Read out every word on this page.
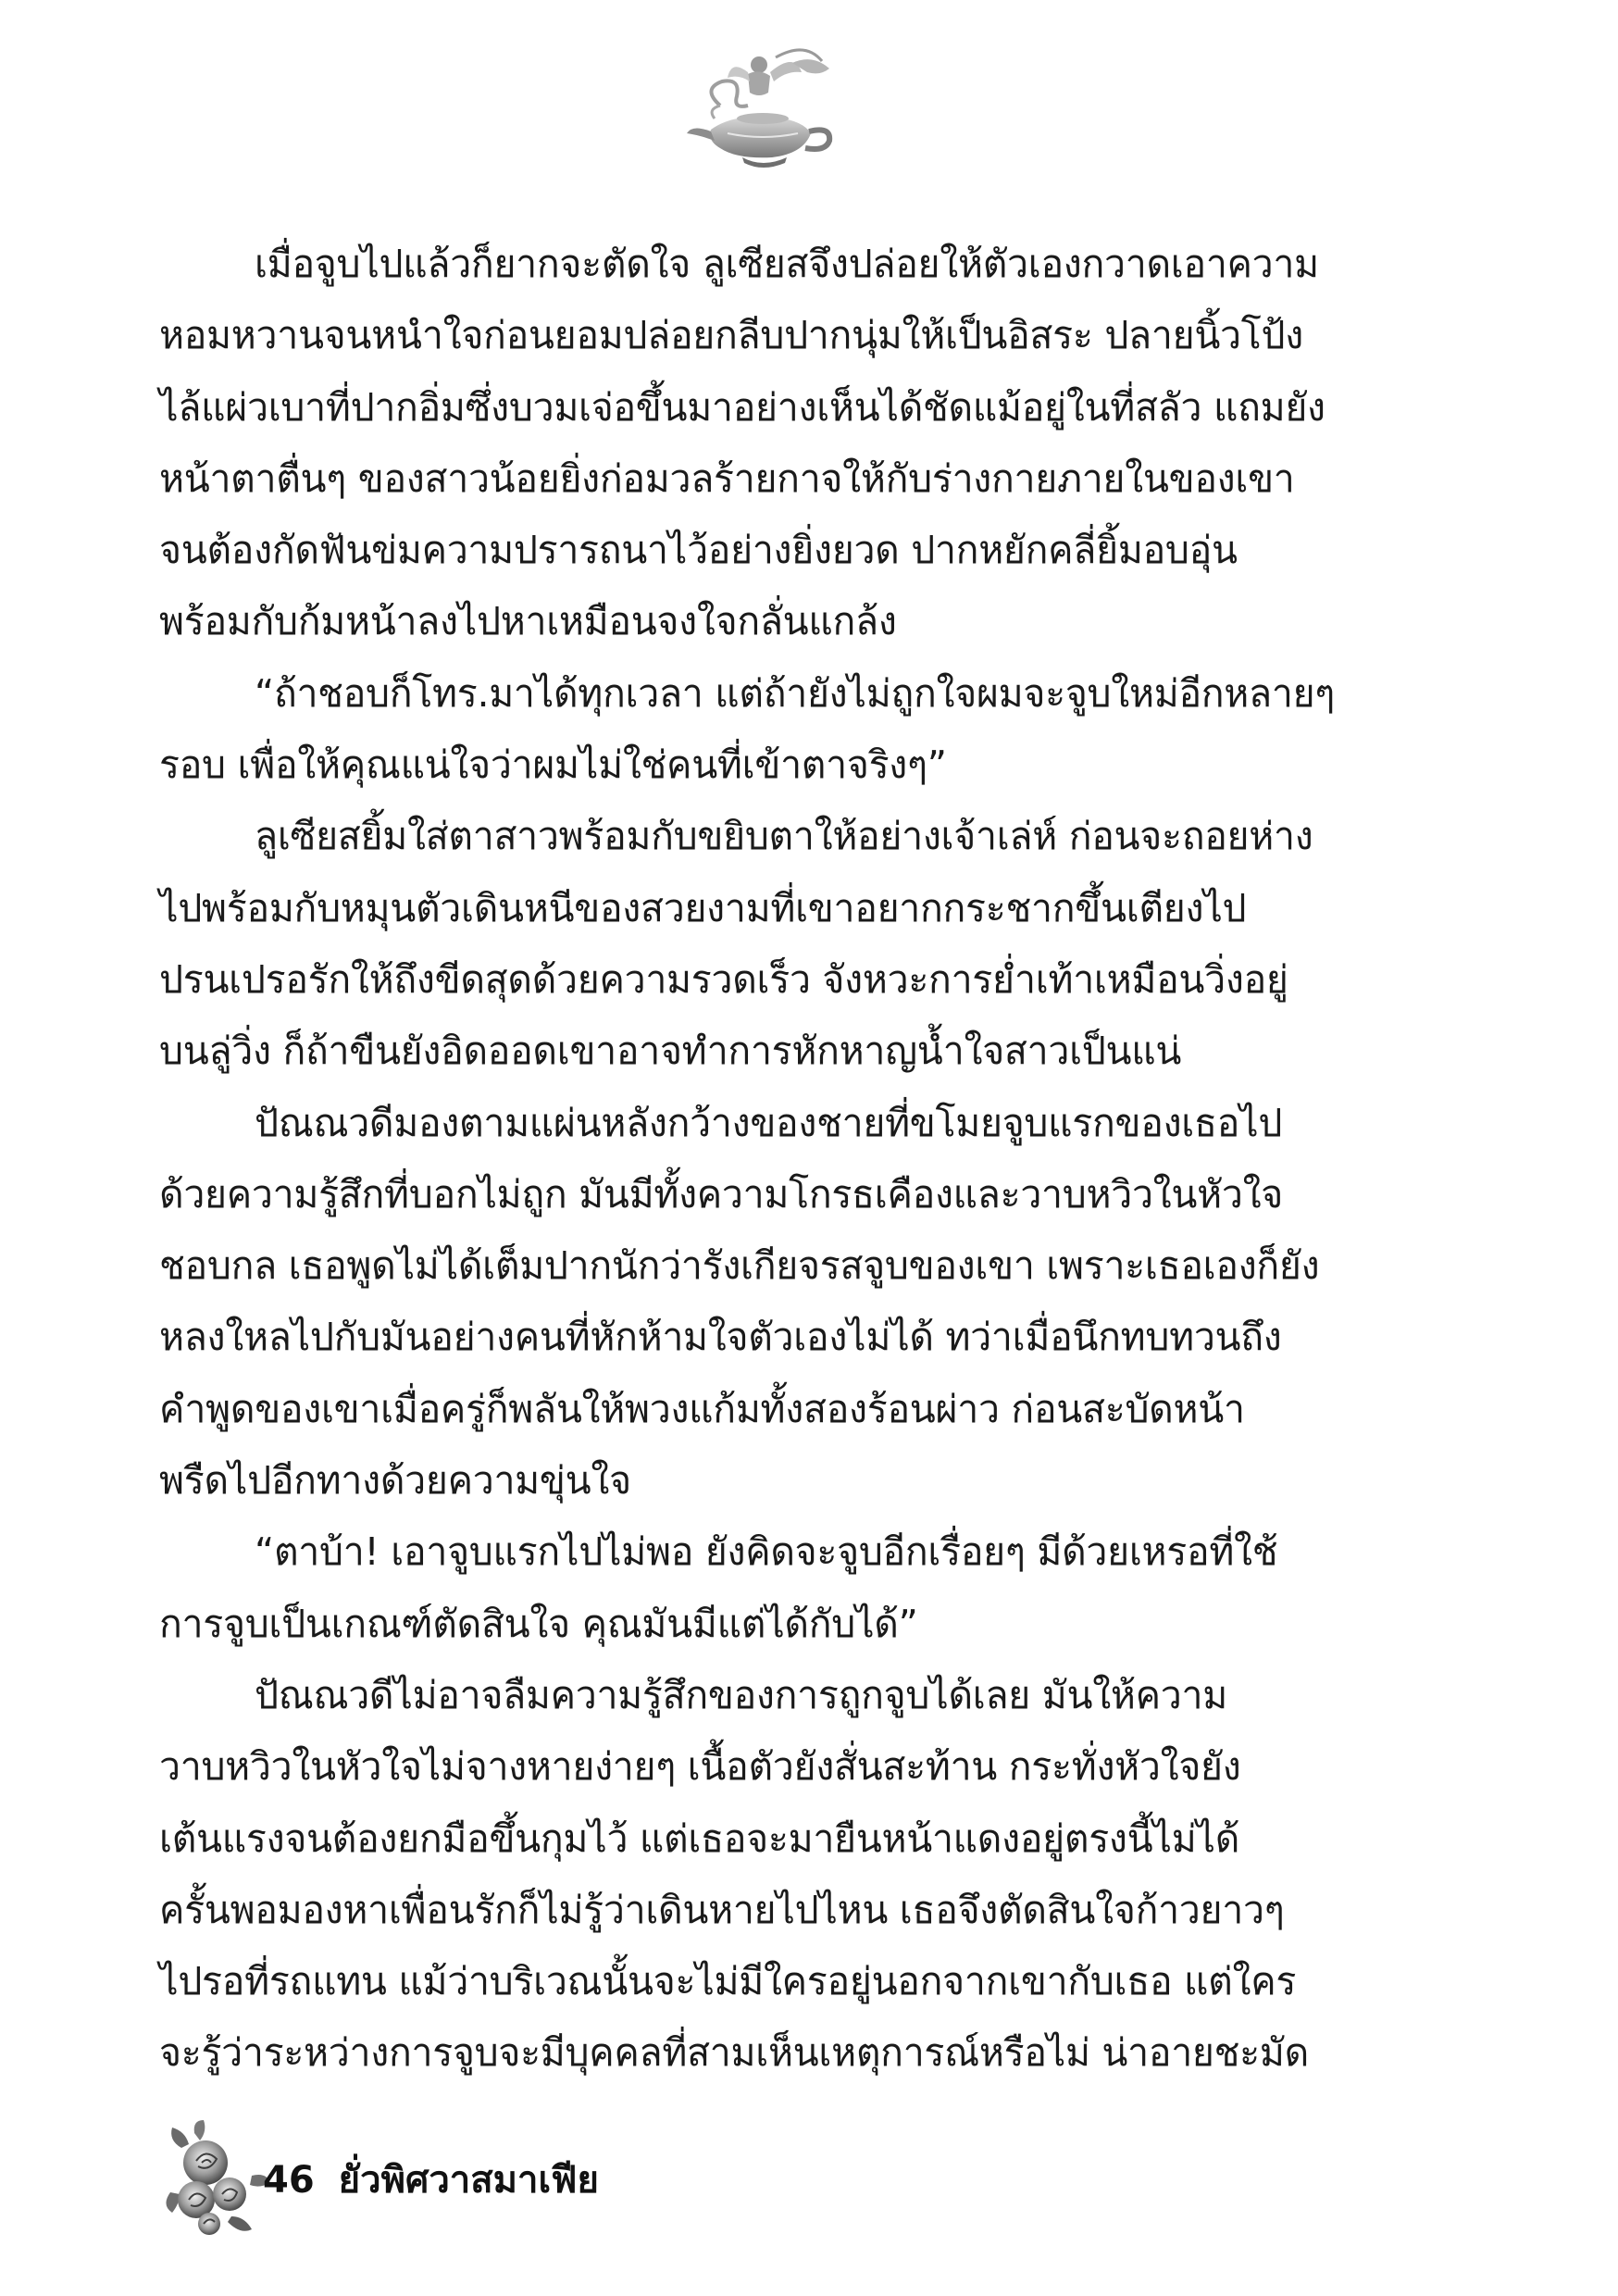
เมื่อจูบไปแล้วก็ยากจะตัดใจ ลูเซียสจึงปล่อยให้ตัวเองกวาดเอาความ
หอมหวานจนหนำใจก่อนยอมปล่อยกลีบปากนุ่มให้เป็นอิสระ ปลายนิ้วโป้ง
ไล้แผ่วเบาที่ปากอิ่มซึ่งบวมเจ่อขึ้นมาอย่างเห็นได้ชัดแม้อยู่ในที่สลัว แถมยัง
หน้าตาตื่นๆ ของสาวน้อยยิ่งก่อมวลร้ายกาจให้กับร่างกายภายในของเขา
จนต้องกัดฟันข่มความปรารถนาไว้อย่างยิ่งยวด ปากหยักคลี่ยิ้มอบอุ่น
พร้อมกับก้มหน้าลงไปหาเหมือนจงใจกลั่นแกล้ง
“ถ้าชอบก็โทร.มาได้ทุกเวลา แต่ถ้ายังไม่ถูกใจผมจะจูบใหม่อีกหลายๆ
รอบ เพื่อให้คุณแน่ใจว่าผมไม่ใช่คนที่เข้าตาจริงๆ”
ลูเซียสยิ้มใส่ตาสาวพร้อมกับขยิบตาให้อย่างเจ้าเล่ห์ ก่อนจะถอยห่าง
ไปพร้อมกับหมุนตัวเดินหนีของสวยงามที่เขาอยากกระชากขึ้นเตียงไป
ปรนเปรอรักให้ถึงขีดสุดด้วยความรวดเร็ว จังหวะการย่ำเท้าเหมือนวิ่งอยู่
บนลู่วิ่ง ก็ถ้าขืนยังอิดออดเขาอาจทำการหักหาญน้ำใจสาวเป็นแน่
ปัณณวดีมองตามแผ่นหลังกว้างของชายที่ขโมยจูบแรกของเธอไป
ด้วยความรู้สึกที่บอกไม่ถูก มันมีทั้งความโกรธเคืองและวาบหวิวในหัวใจ
ชอบกล เธอพูดไม่ได้เต็มปากนักว่ารังเกียจรสจูบของเขา เพราะเธอเองก็ยัง
หลงใหลไปกับมันอย่างคนที่หักห้ามใจตัวเองไม่ได้ ทว่าเมื่อนึกทบทวนถึง
คำพูดของเขาเมื่อครู่ก็พลันให้พวงแก้มทั้งสองร้อนผ่าว ก่อนสะบัดหน้า
พรืดไปอีกทางด้วยความขุ่นใจ
“ตาบ้า! เอาจูบแรกไปไม่พอ ยังคิดจะจูบอีกเรื่อยๆ มีด้วยเหรอที่ใช้
การจูบเป็นเกณฑ์ตัดสินใจ คุณมันมีแต่ได้กับได้”
ปัณณวดีไม่อาจลืมความรู้สึกของการถูกจูบได้เลย มันให้ความ
วาบหวิวในหัวใจไม่จางหายง่ายๆ เนื้อตัวยังสั่นสะท้าน กระทั่งหัวใจยัง
เต้นแรงจนต้องยกมือขึ้นกุมไว้ แต่เธอจะมายืนหน้าแดงอยู่ตรงนี้ไม่ได้
ครั้นพอมองหาเพื่อนรักก็ไม่รู้ว่าเดินหายไปไหน เธอจึงตัดสินใจก้าวยาวๆ
ไปรอที่รถแทน แม้ว่าบริเวณนั้นจะไม่มีใครอยู่นอกจากเขากับเธอ แต่ใคร
จะรู้ว่าระหว่างการจูบจะมีบุคคลที่สามเห็นเหตุการณ์หรือไม่ น่าอายชะมัด
46 ยั่วพิศวาสมาเฟีย
